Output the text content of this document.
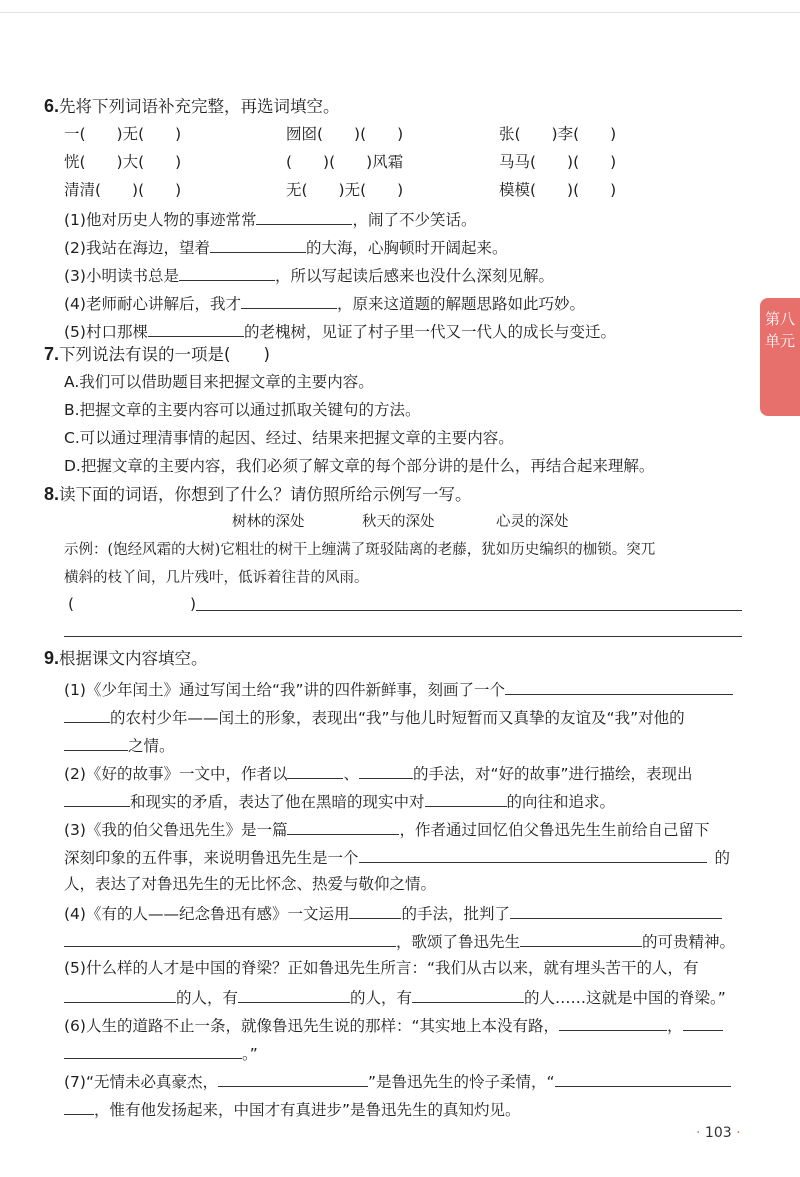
6.先将下列词语补充完整，再选词填空。
一(　　)无(　　)	囫囵(　　)(　　)	张(　　)李(　　)
恍(　　)大(　　)	(　　)(　　)风霜	马马(　　)(　　)
清清(　　)(　　)	无(　　)无(　　)	模模(　　)(　　)
(1)他对历史人物的事迹常常	，闹了不少笑话。
(2)我站在海边，望着	的大海，心胸顿时开阔起来。
(3)小明读书总是	，所以写起读后感来也没什么深刻见解。
(4)老师耐心讲解后，我才	，原来这道题的解题思路如此巧妙。
(5)村口那棵	的老槐树，见证了村子里一代又一代人的成长与变迁。
7.下列说法有误的一项是(　　)
A.我们可以借助题目来把握文章的主要内容。
B.把握文章的主要内容可以通过抓取关键句的方法。
C.可以通过理清事情的起因、经过、结果来把握文章的主要内容。
D.把握文章的主要内容，我们必须了解文章的每个部分讲的是什么，再结合起来理解。
8.读下面的词语，你想到了什么？请仿照所给示例写一写。
树林的深处	秋天的深处	心灵的深处
示例：(饱经风霜的大树)它粗壮的树干上缠满了斑驳陆离的老藤，犹如历史编织的枷锁。突兀
横斜的枝丫间，几片残叶，低诉着往昔的风雨。
(	)
9.根据课文内容填空。
(1)《少年闰土》通过写闰土给“我”讲的四件新鲜事，刻画了一个
的农村少年——闰土的形象，表现出“我”与他儿时短暂而又真挚的友谊及“我”对他的
之情。
(2)《好的故事》一文中，作者以	、	的手法，对“好的故事”进行描绘，表现出
和现实的矛盾，表达了他在黑暗的现实中对	的向往和追求。
(3)《我的伯父鲁迅先生》是一篇	，作者通过回忆伯父鲁迅先生生前给自己留下
深刻印象的五件事，来说明鲁迅先生是一个	的
人，表达了对鲁迅先生的无比怀念、热爱与敬仰之情。
(4)《有的人——纪念鲁迅有感》一文运用	的手法，批判了
，歌颂了鲁迅先生	的可贵精神。
(5)什么样的人才是中国的脊梁？正如鲁迅先生所言：“我们从古以来，就有埋头苦干的人，有
的人，有	的人，有	的人……这就是中国的脊梁。”
(6)人生的道路不止一条，就像鲁迅先生说的那样：“其实地上本没有路，	，
。”
(7)“无情未必真豪杰，	”是鲁迅先生的怜子柔情，“
，惟有他发扬起来，中国才有真进步”是鲁迅先生的真知灼见。
第八单元
· 103 ·
